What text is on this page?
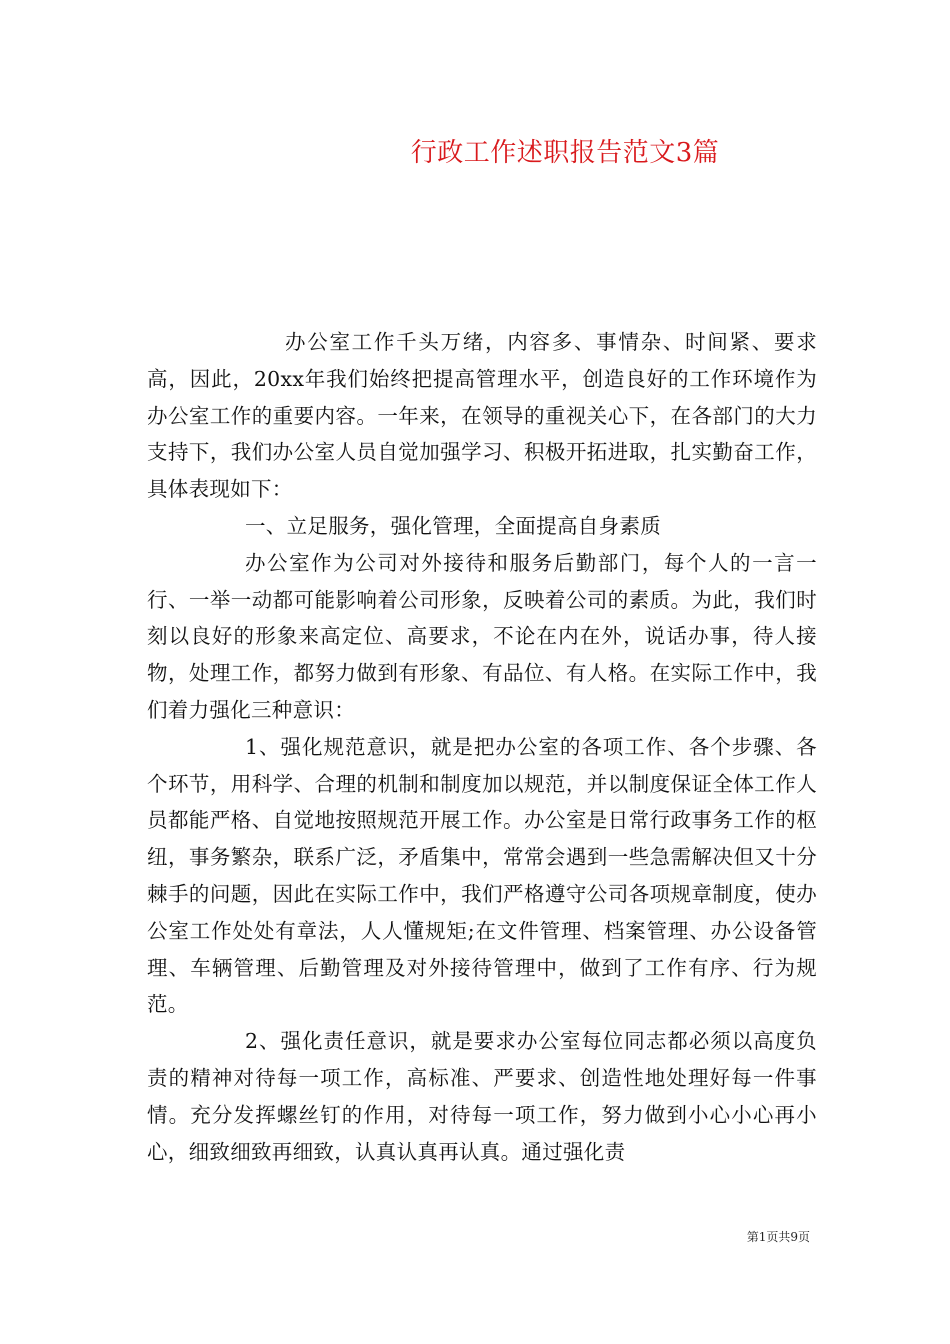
行政工作述职报告范文3篇

办公室工作千头万绪，内容多、事情杂、时间紧、要求高，因此，20xx年我们始终把提高管理水平，创造良好的工作环境作为办公室工作的重要内容。一年来，在领导的重视关心下，在各部门的大力支持下，我们办公室人员自觉加强学习、积极开拓进取，扎实勤奋工作，具体表现如下：

一、立足服务，强化管理，全面提高自身素质

办公室作为公司对外接待和服务后勤部门，每个人的一言一行、一举一动都可能影响着公司形象，反映着公司的素质。为此，我们时刻以良好的形象来高定位、高要求，不论在内在外，说话办事，待人接物，处理工作，都努力做到有形象、有品位、有人格。在实际工作中，我们着力强化三种意识：

1、强化规范意识，就是把办公室的各项工作、各个步骤、各个环节，用科学、合理的机制和制度加以规范，并以制度保证全体工作人员都能严格、自觉地按照规范开展工作。办公室是日常行政事务工作的枢纽，事务繁杂，联系广泛，矛盾集中，常常会遇到一些急需解决但又十分棘手的问题，因此在实际工作中，我们严格遵守公司各项规章制度，使办公室工作处处有章法，人人懂规矩;在文件管理、档案管理、办公设备管理、车辆管理、后勤管理及对外接待管理中，做到了工作有序、行为规范。

2、强化责任意识，就是要求办公室每位同志都必须以高度负责的精神对待每一项工作，高标准、严要求、创造性地处理好每一件事情。充分发挥螺丝钉的作用，对待每一项工作，努力做到小心小心再小心，细致细致再细致，认真认真再认真。通过强化责

第1页共9页
